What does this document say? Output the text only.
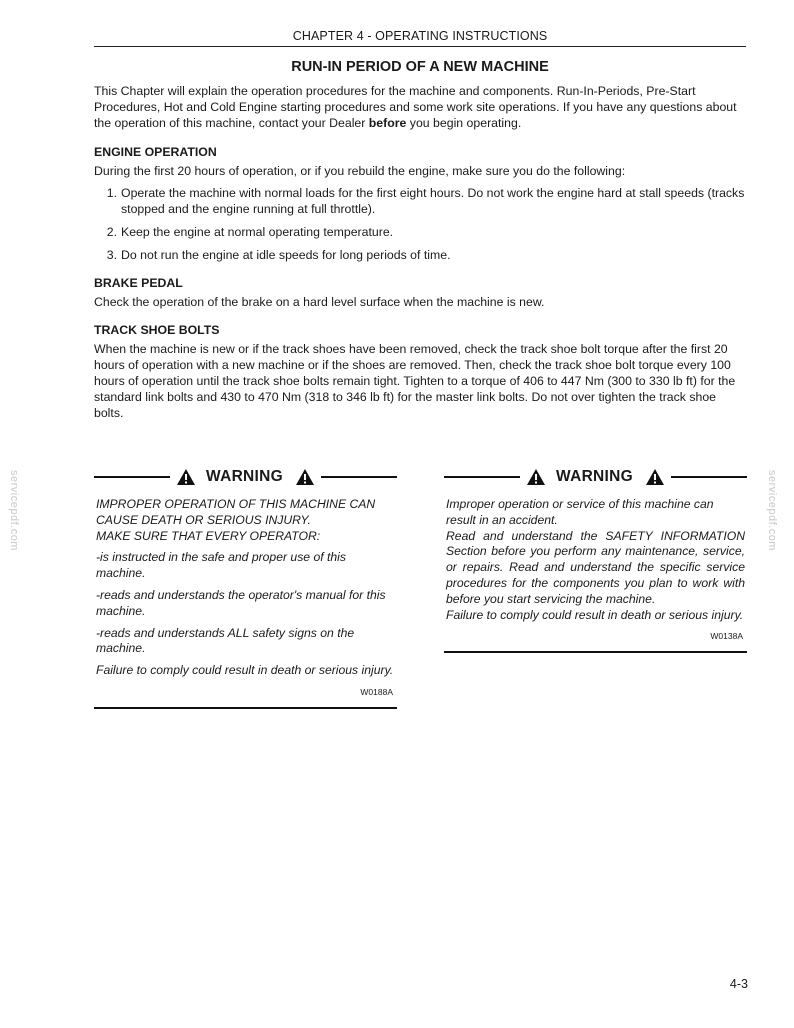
CHAPTER 4 - OPERATING INSTRUCTIONS
RUN-IN PERIOD OF A NEW MACHINE

This Chapter will explain the operation procedures for the machine and components. Run-In-Periods, Pre-Start Procedures, Hot and Cold Engine starting procedures and some work site operations. If you have any questions about the operation of this machine, contact your Dealer before you begin operating.

ENGINE OPERATION

During the first 20 hours of operation, or if you rebuild the engine, make sure you do the following:

1. Operate the machine with normal loads for the first eight hours. Do not work the engine hard at stall speeds (tracks stopped and the engine running at full throttle).
2. Keep the engine at normal operating temperature.
3. Do not run the engine at idle speeds for long periods of time.
BRAKE PEDAL

Check the operation of the brake on a hard level surface when the machine is new.

TRACK SHOE BOLTS

When the machine is new or if the track shoes have been removed, check the track shoe bolt torque after the first 20 hours of operation with a new machine or if the shoes are removed. Then, check the track shoe bolt torque every 100 hours of operation until the track shoe bolts remain tight. Tighten to a torque of 406 to 447 Nm (300 to 330 lb ft) for the standard link bolts and 430 to 470 Nm (318 to 346 lb ft) for the master link bolts. Do not over tighten the track shoe bolts.

WARNING

IMPROPER OPERATION OF THIS MACHINE CAN CAUSE DEATH OR SERIOUS INJURY.

MAKE SURE THAT EVERY OPERATOR:

-is instructed in the safe and proper use of this machine.

-reads and understands the operator's manual for this machine.

-reads and understands ALL safety signs on the machine.

Failure to comply could result in death or serious injury.

W0188A
WARNING

Improper operation or service of this machine can result in an accident.

Read and understand the SAFETY INFORMATION Section before you perform any maintenance, service, or repairs. Read and understand the specific service procedures for the components you plan to work with before you start servicing the machine.

Failure to comply could result in death or serious injury.

W0138A
servicepdf.com	servicepdf.com
4-3
